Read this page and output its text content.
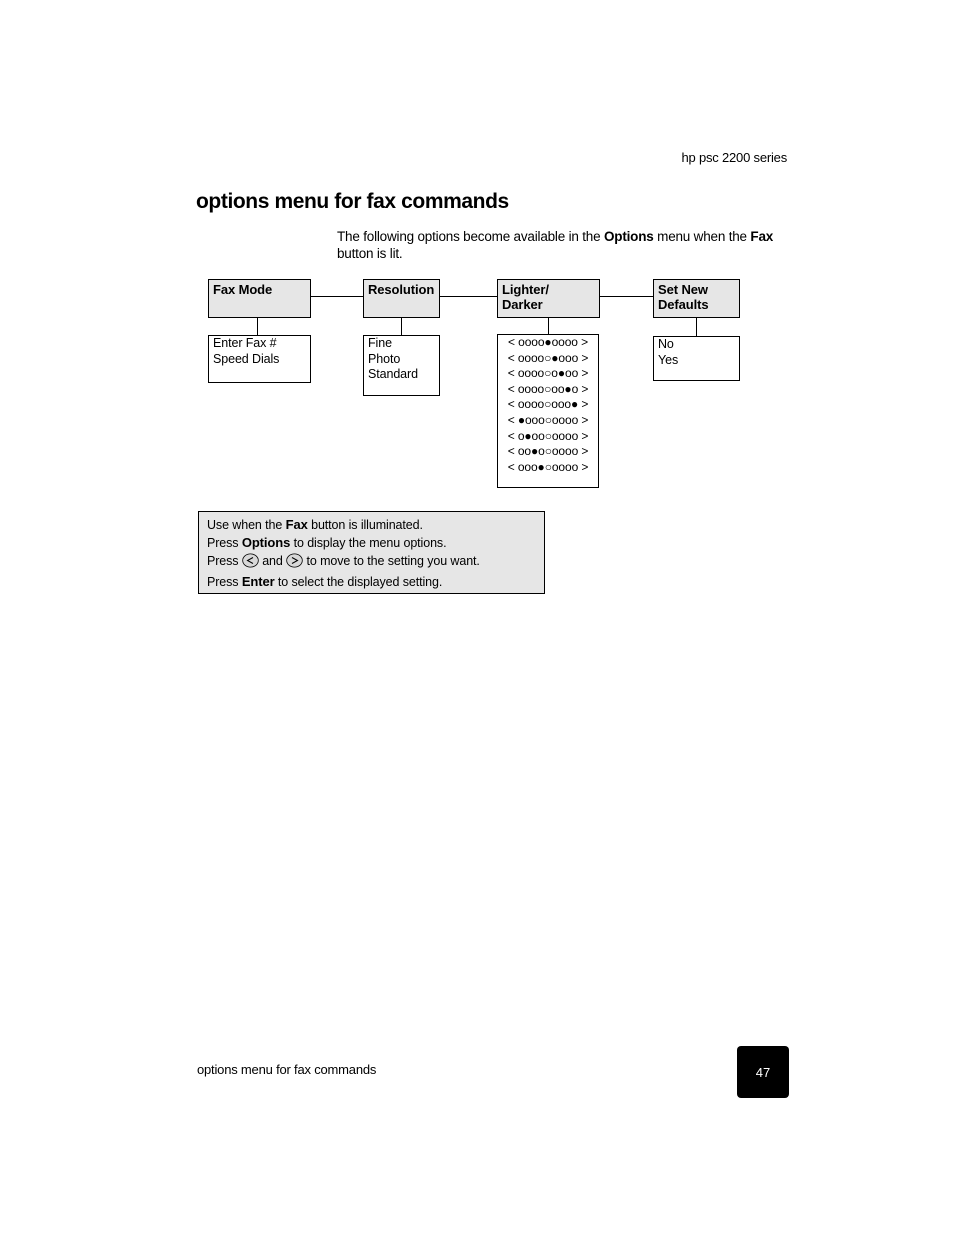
hp psc 2200 series
options menu for fax commands
The following options become available in the Options menu when the Fax button is lit.
Fax Mode
Enter Fax #
Speed Dials
Resolution
Fine
Photo
Standard
Lighter/
Darker
< oooo●oooo >
< oooo○●ooo >
< oooo○o●oo >
< oooo○oo●o >
< oooo○ooo● >
< ●ooo○oooo >
< o●oo○oooo >
< oo●o○oooo >
< ooo●○oooo >
Set New
Defaults
No
Yes
Use when the Fax button is illuminated.
Press Options to display the menu options.
Press  and  to move to the setting you want.
Press Enter to select the displayed setting.
options menu for fax commands	47
